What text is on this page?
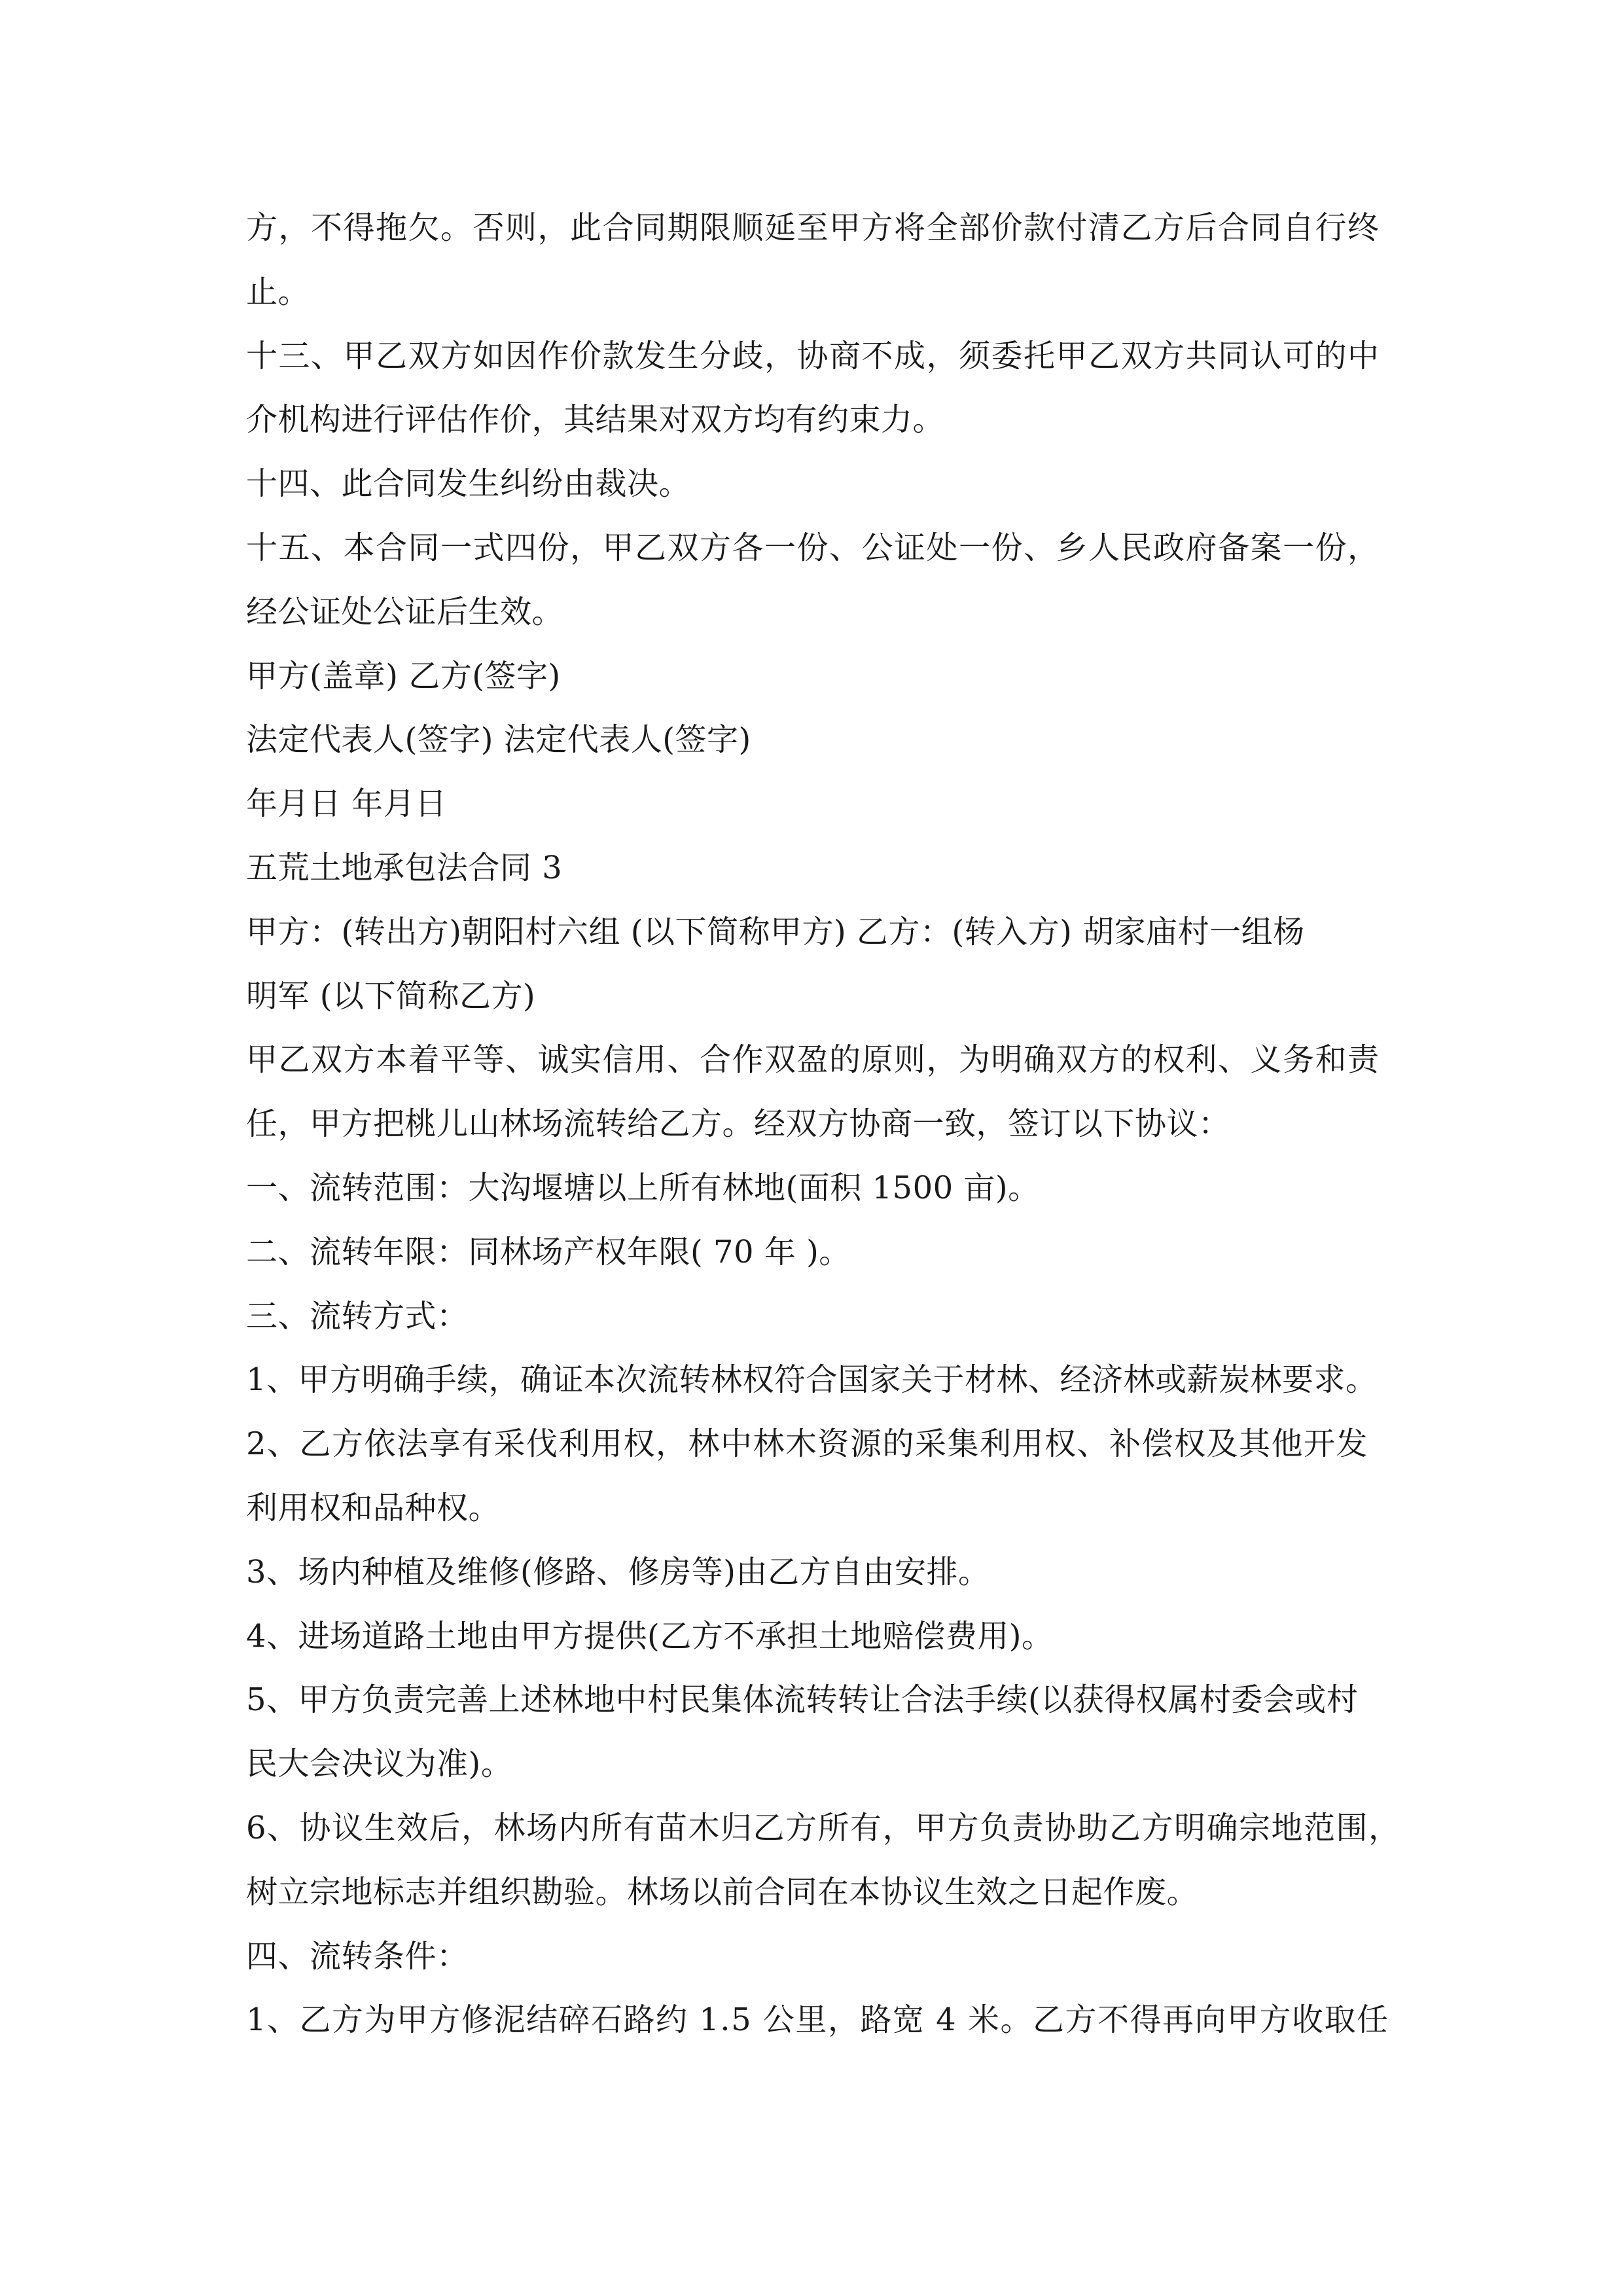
方，不得拖欠。否则，此合同期限顺延至甲方将全部价款付清乙方后合同自行终
止。
十三、甲乙双方如因作价款发生分歧，协商不成，须委托甲乙双方共同认可的中
介机构进行评估作价，其结果对双方均有约束力。
十四、此合同发生纠纷由裁决。
十五、本合同一式四份，甲乙双方各一份、公证处一份、乡人民政府备案一份，
经公证处公证后生效。
甲方(盖章) 乙方(签字)
法定代表人(签字) 法定代表人(签字)
年月日 年月日
五荒土地承包法合同 3
甲方：(转出方)朝阳村六组 (以下简称甲方) 乙方：(转入方) 胡家庙村一组杨
明军 (以下简称乙方)
甲乙双方本着平等、诚实信用、合作双盈的原则，为明确双方的权利、义务和责
任，甲方把桃儿山林场流转给乙方。经双方协商一致，签订以下协议：
一、流转范围：大沟堰塘以上所有林地(面积 1500 亩)。
二、流转年限：同林场产权年限( 70 年 )。
三、流转方式：
1、甲方明确手续，确证本次流转林权符合国家关于材林、经济林或薪炭林要求。
2、乙方依法享有采伐利用权，林中林木资源的采集利用权、补偿权及其他开发
利用权和品种权。
3、场内种植及维修(修路、修房等)由乙方自由安排。
4、进场道路土地由甲方提供(乙方不承担土地赔偿费用)。
5、甲方负责完善上述林地中村民集体流转转让合法手续(以获得权属村委会或村
民大会决议为准)。
6、协议生效后，林场内所有苗木归乙方所有，甲方负责协助乙方明确宗地范围，
树立宗地标志并组织勘验。林场以前合同在本协议生效之日起作废。
四、流转条件：
1、乙方为甲方修泥结碎石路约 1.5 公里，路宽 4 米。乙方不得再向甲方收取任
